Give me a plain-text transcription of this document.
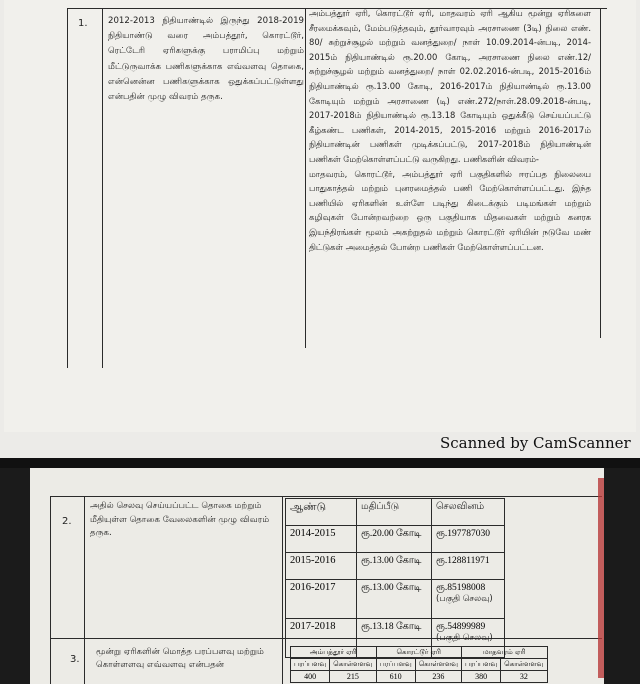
1. 2012-2013 நிதியாண்டில் இருந்து 2018-2019 நிதியாண்டு வரை அம்பத்தூர், கொரட்டூர், ரெட்டேரி ஏரிகளுக்கு பராமிப்பு மற்றும் மீட்டுருவாக்க பணிகளுக்காக எவ்வளவு தொகை, என்னென்ன பணிகளுக்காக ஒதுக்கப்பட்டுள்ளது என்பதின் முழு விவரம் தருக.
அம்பத்தூர் ஏரி, கொரட்டூர் ஏரி, மாதவரம் ஏரி ஆகிய மூன்று ஏரிகளை சீரமைக்கவும், மேம்படுத்தவும், தூர்வாரவும் அரசாணை (3டி) நிலை எண். 80/ சுற்றுச்சூழல் மற்றும் வனத்துறை/ நாள் 10.09.2014-ன்படி, 2014-2015ம் நிதியாண்டில் ரூ.20.00 கோடி, அரசாணை நிலை எண்.12/ சுற்றுச்சூழல் மற்றும் வனத்துறை/ நாள் 02.02.2016-ன்படி, 2015-2016ம் நிதியாண்டில் ரூ.13.00 கோடி, 2016-2017ம் நிதியாண்டில் ரூ.13.00 கோடியும் மற்றும் அரசாணை (டி) எண்.272/நாள்.28.09.2018-ன்படி, 2017-2018ம் நிதியாண்டில் ரூ.13.18 கோடியும் ஒதுக்கீடு செய்யப்பட்டு கீழ்கண்ட பணிகள், 2014-2015, 2015-2016 மற்றும் 2016-2017ம் நிதியாண்டின் பணிகள் முடிக்கப்பட்டு, 2017-2018ம் நிதியாண்டின் பணிகள் மேற்கொள்ளப்பட்டு வருகிறது. பணிகளின் விவரம்-
மாதவரம், கொரட்டூர், அம்பத்தூர் ஏரி பகுதிகளில் ஈரப்பத நிலையை பாதுகாத்தல் மற்றும் புனரமைத்தல் பணி மேற்கொள்ளப்பட்டது. இந்த பணியில் ஏரிகளின் உள்ளே படிந்து கிடைக்கும் படிமங்கள் மற்றும் கழிவுகள் போன்றவற்றை ஒரு பகுதியாக மிதவைகள் மற்றும் கனரக இயந்திரங்கள் மூலம் அகற்றுதல் மற்றும் கொரட்டூர் ஏரியின் நடுவே மண் திட்டுகள் அமைத்தல் போன்ற பணிகள் மேற்கொள்ளப்பட்டன.
Scanned by CamScanner
2.
அதில் செலவு செய்யப்பட்ட தொகை மற்றும் மீதியுள்ள தொகை வேலைகளின் முழு விவரம் தருக.
ஆண்டு	மதிப்பீடு	செலவினம்
2014-2015	ரூ.20.00 கோடி	ரூ.197787030
2015-2016	ரூ.13.00 கோடி	ரூ.128811971
2016-2017	ரூ.13.00 கோடி	ரூ.85198008
(பகுதி செலவு)

2017-2018	ரூ.13.18 கோடி	ரூ.54899989
(பகுதி செலவு)
3.
மூன்று ஏரிகளின் மொத்த பரப்பளவு மற்றும் கொள்ளளவு எவ்வளவு என்பதன்
அம்பத்தூர் ஏரி		கொரட்டூர் ஏரி		மாதவரம் ஏரி	
பரப்பளவு	கொள்ளளவு	பரப்பளவு	கொள்ளளவு	பரப்பளவு	கொள்ளளவு
400	215	610	236	380	32
